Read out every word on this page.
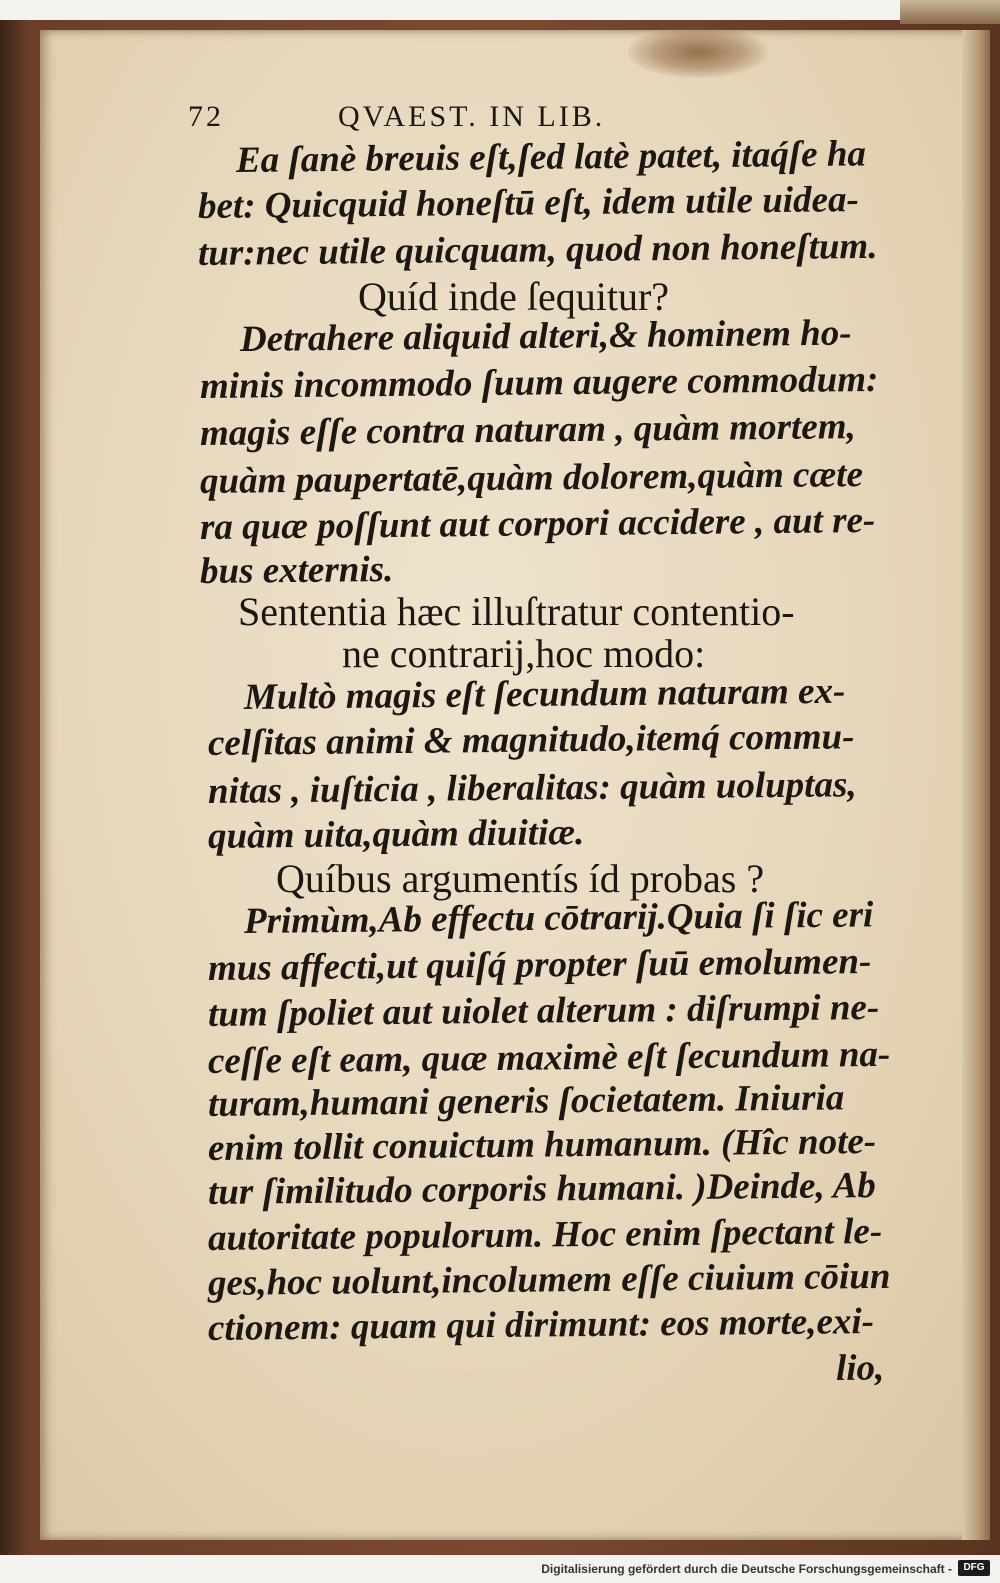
72	QVAEST. IN LIB.

Ea ſanè breuis eſt,ſed latè patet, itaq́ſe ha

bet: Quicquid honeſtū eſt, idem utile uidea-

tur:nec utile quicquam, quod non honeſtum.

Quíd inde ſequitur?

Detrahere aliquid alteri,& hominem ho-

minis incommodo ſuum augere commodum:

magis eſſe contra naturam , quàm mortem,

quàm paupertatē,quàm dolorem,quàm cæte

ra quæ poſſunt aut corpori accidere , aut re-

bus externis.

Sententia hæc illuſtratur contentio-

ne contrarij,hoc modo:

Multò magis eſt ſecundum naturam ex-

celſitas animi & magnitudo,itemq́ commu-

nitas , iuſticia , liberalitas: quàm uoluptas,

quàm uita,quàm diuitiæ.

Quíbus argumentís íd probas ?

Primùm,Ab effectu cōtrarij.Quia ſi ſic eri

mus affecti,ut quiſq́ propter ſuū emolumen-

tum ſpoliet aut uiolet alterum : diſrumpi ne-

ceſſe eſt eam, quæ maximè eſt ſecundum na-

turam,humani generis ſocietatem. Iniuria

enim tollit conuictum humanum. (Hîc note-

tur ſimilitudo corporis humani. )Deinde, Ab

autoritate populorum. Hoc enim ſpectant le-

ges,hoc uolunt,incolumem eſſe ciuium cōiun

ctionem: quam qui dirimunt: eos morte,exi-

lio,

Digitalisierung gefördert durch die Deutsche Forschungsgemeinschaft -	DFG
